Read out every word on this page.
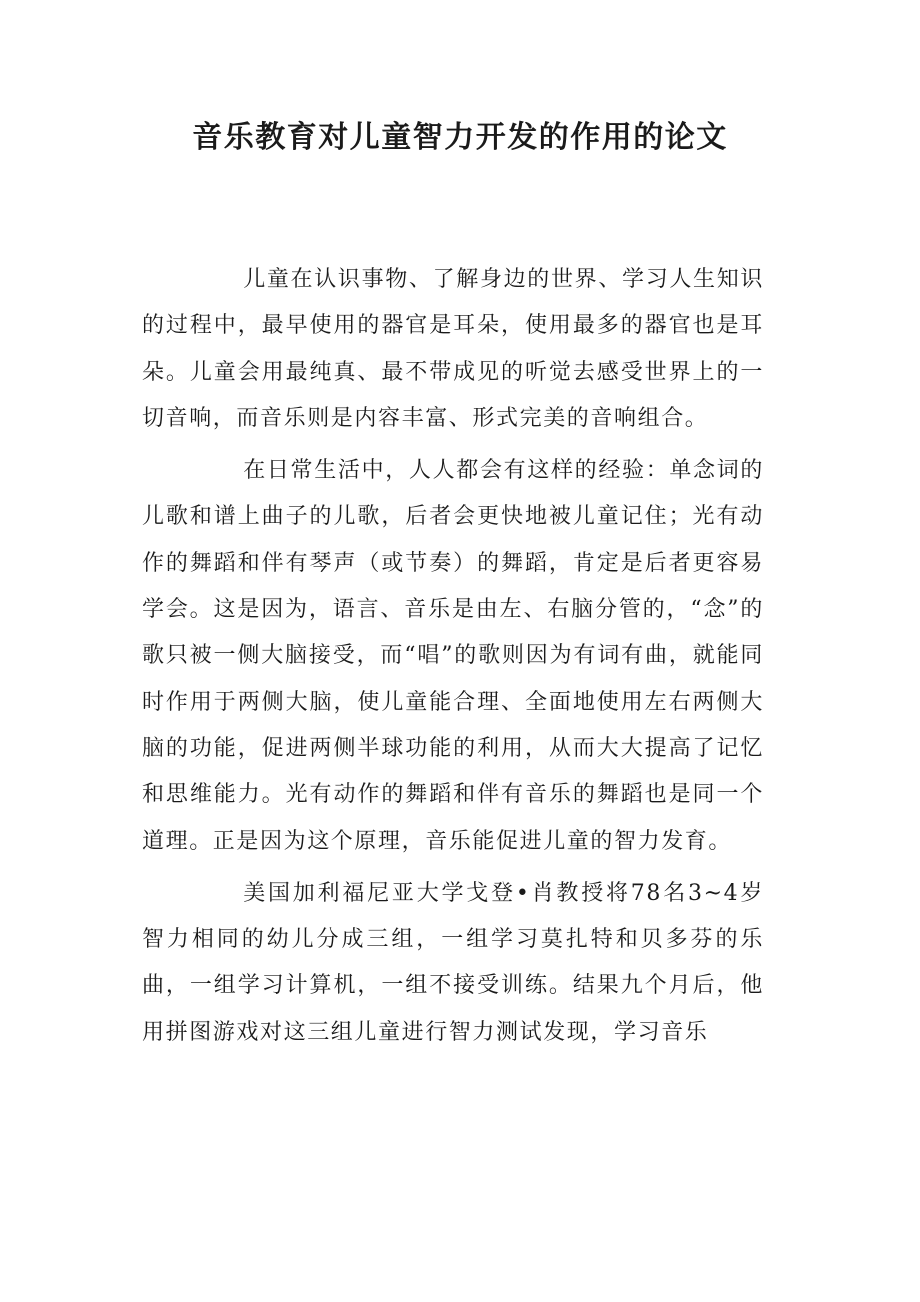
音乐教育对儿童智力开发的作用的论文

儿童在认识事物、了解身边的世界、学习人生知识的过程中，最早使用的器官是耳朵，使用最多的器官也是耳朵。儿童会用最纯真、最不带成见的听觉去感受世界上的一切音响，而音乐则是内容丰富、形式完美的音响组合。

在日常生活中，人人都会有这样的经验：单念词的儿歌和谱上曲子的儿歌，后者会更快地被儿童记住；光有动作的舞蹈和伴有琴声（或节奏）的舞蹈，肯定是后者更容易学会。这是因为，语言、音乐是由左、右脑分管的，“念”的歌只被一侧大脑接受，而“唱”的歌则因为有词有曲，就能同时作用于两侧大脑，使儿童能合理、全面地使用左右两侧大脑的功能，促进两侧半球功能的利用，从而大大提高了记忆和思维能力。光有动作的舞蹈和伴有音乐的舞蹈也是同一个道理。正是因为这个原理，音乐能促进儿童的智力发育。

美国加利福尼亚大学戈登•肖教授将78名3~4岁智力相同的幼儿分成三组，一组学习莫扎特和贝多芬的乐曲，一组学习计算机，一组不接受训练。结果九个月后，他用拼图游戏对这三组儿童进行智力测试发现，学习音乐
